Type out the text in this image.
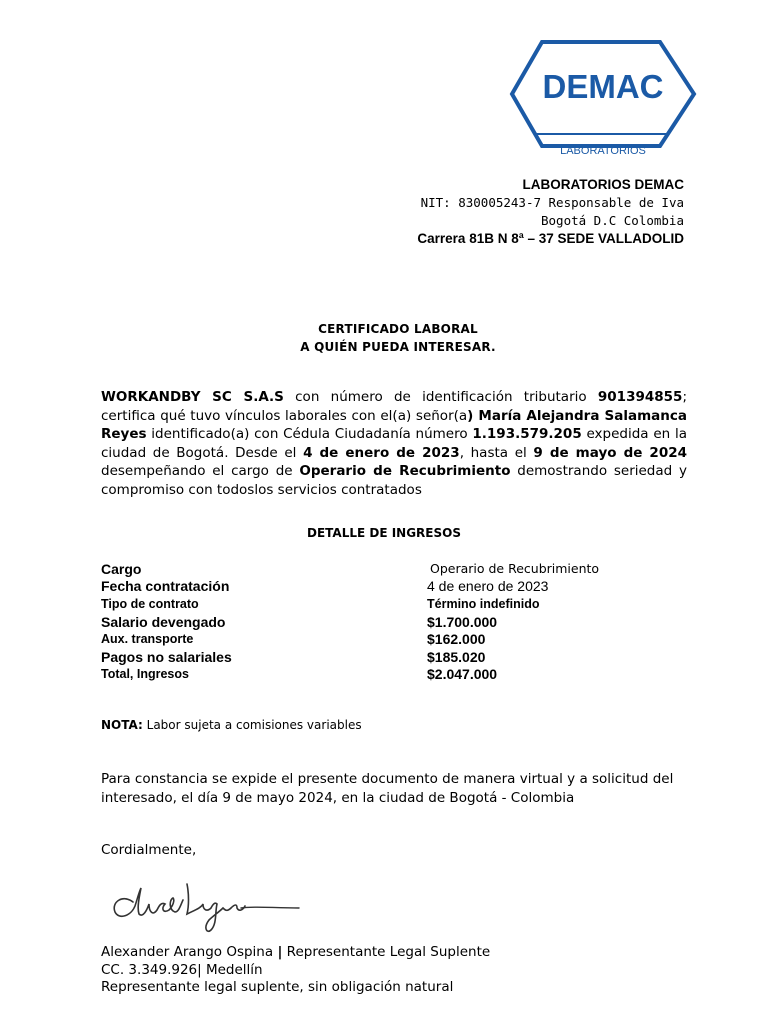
DEMAC
LABORATORIOS
LABORATORIOS DEMAC
NIT: 830005243-7 Responsable de Iva
Bogotá D.C Colombia
Carrera 81B N 8ª – 37 SEDE VALLADOLID
CERTIFICADO LABORAL
A QUIÉN PUEDA INTERESAR.
WORKANDBY SC S.A.S con número de identificación tributario 901394855; certifica qué tuvo vínculos laborales con el(a) señor(a) María Alejandra Salamanca Reyes identificado(a) con Cédula Ciudadanía número 1.193.579.205 expedida en la ciudad de Bogotá. Desde el 4 de enero de 2023, hasta el 9 de mayo de 2024 desempeñando el cargo de Operario de Recubrimiento demostrando seriedad y compromiso con todoslos servicios contratados
DETALLE DE INGRESOS
Cargo	Operario de Recubrimiento
Fecha contratación	4 de enero de 2023
Tipo de contrato	Término indefinido
Salario devengado	$1.700.000
Aux. transporte	$162.000
Pagos no salariales	$185.020
Total, Ingresos	$2.047.000
NOTA: Labor sujeta a comisiones variables
Para constancia se expide el presente documento de manera virtual y a solicitud del interesado, el día 9 de mayo 2024, en la ciudad de Bogotá - Colombia
Cordialmente,
Alexander Arango Ospina | Representante Legal Suplente
CC. 3.349.926| Medellín
Representante legal suplente, sin obligación natural
